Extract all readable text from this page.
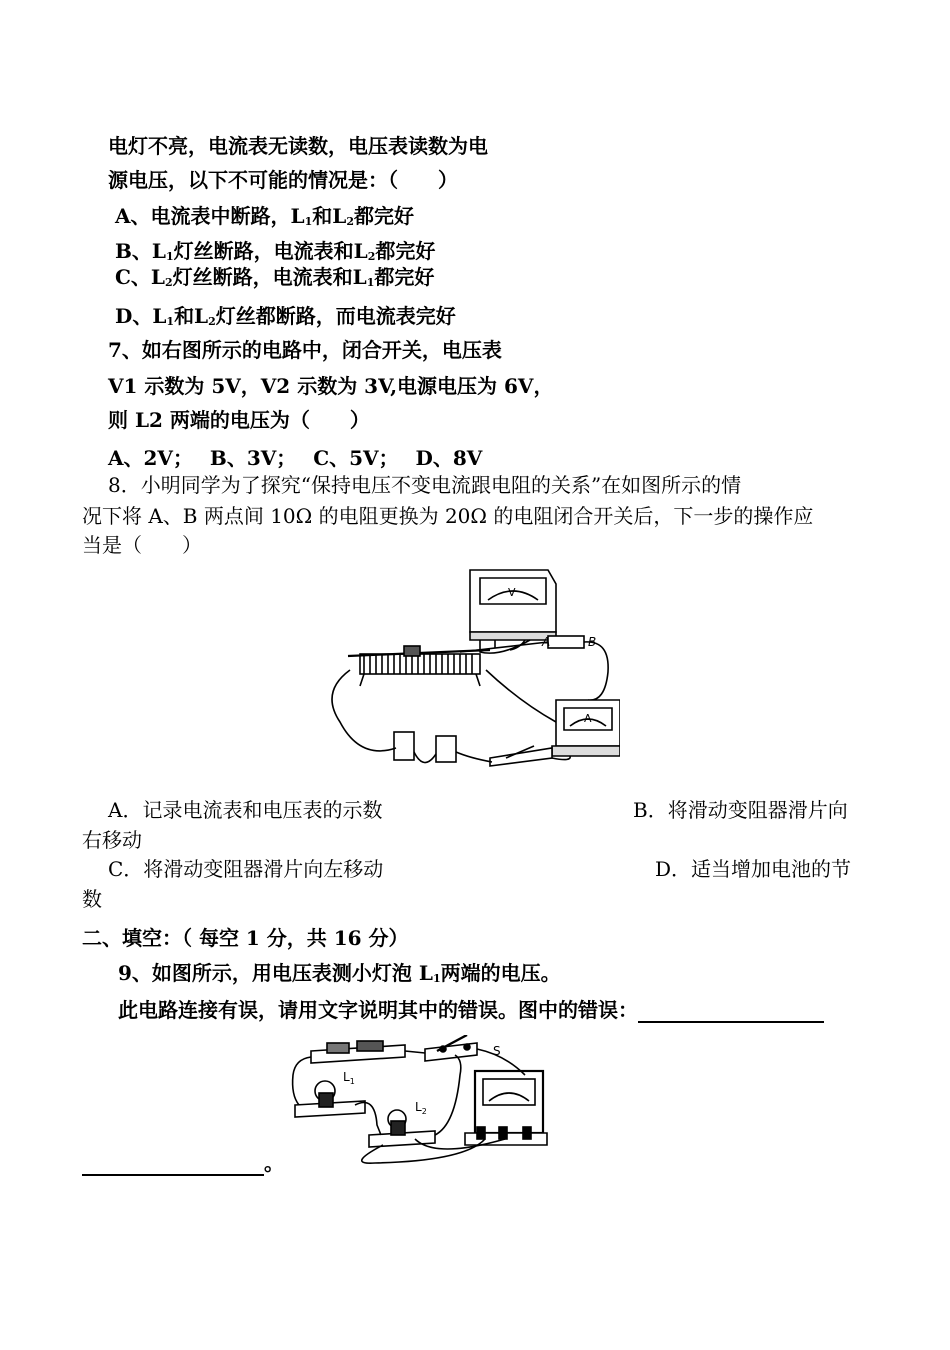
电灯不亮，电流表无读数，电压表读数为电
源电压，以下不可能的情况是：（　　）
A、电流表中断路，$L_1$和$L_2$都完好
B、$L_1$灯丝断路，电流表和$L_2$都完好
C、$L_2$灯丝断路，电流表和$L_1$都完好
D、$L_1$和$L_2$灯丝都断路，而电流表完好
7、如右图所示的电路中，闭合开关，电压表
V1 示数为 5V，V2 示数为 3V,电源电压为 6V，
则 L2 两端的电压为（　　）
A、2V；　 B、3V；　 C、5V；　 D、8V
8．小明同学为了探究“保持电压不变电流跟电阻的关系”在如图所示的情
况下将 A、B 两点间 10Ω 的电阻更换为 20Ω 的电阻闭合开关后，下一步的操作应
当是（　　）
V
A
A	B
A．记录电流表和电压表的示数	B．将滑动变阻器滑片向
右移动
C．将滑动变阻器滑片向左移动	D．适当增加电池的节
数
二、填空：（ 每空 1 分，共 16 分）
9、如图所示，用电压表测小灯泡 $L_1$两端的电压。
此电路连接有误，请用文字说明其中的错误。图中的错误：
S
$L_1$
$L_2$
。
